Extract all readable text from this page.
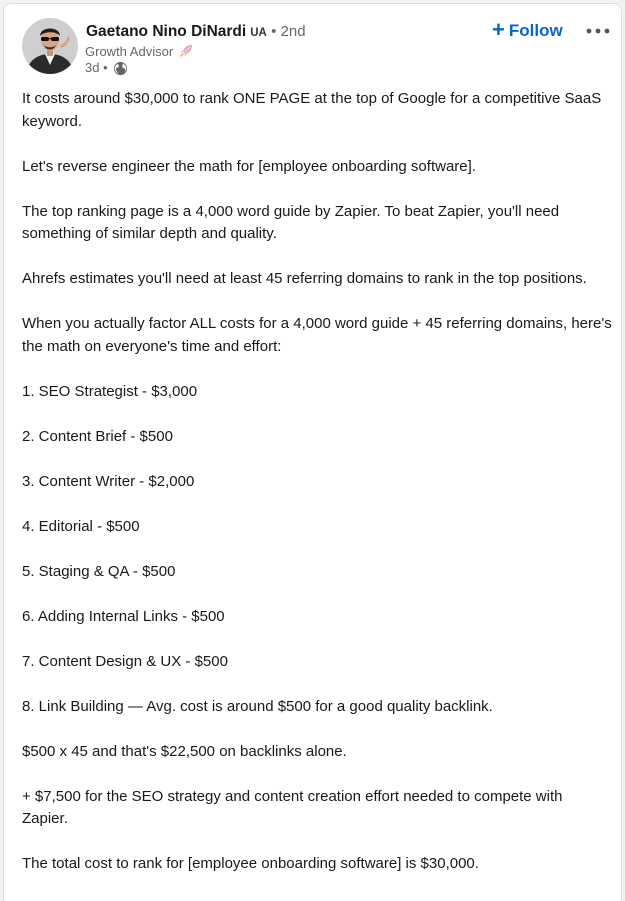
Gaetano Nino DiNardi UA • 2nd
Growth Advisor
3d •
+ Follow

It costs around $30,000 to rank ONE PAGE at the top of Google for a competitive SaaS keyword.

Let's reverse engineer the math for [employee onboarding software].

The top ranking page is a 4,000 word guide by Zapier. To beat Zapier, you'll need something of similar depth and quality.

Ahrefs estimates you'll need at least 45 referring domains to rank in the top positions.

When you actually factor ALL costs for a 4,000 word guide + 45 referring domains, here's the math on everyone's time and effort:

1. SEO Strategist - $3,000

2. Content Brief - $500

3. Content Writer - $2,000

4. Editorial - $500

5. Staging & QA - $500

6. Adding Internal Links - $500

7. Content Design & UX - $500

8. Link Building — Avg. cost is around $500 for a good quality backlink.

$500 x 45 and that's $22,500 on backlinks alone.

+ $7,500 for the SEO strategy and content creation effort needed to compete with Zapier.

The total cost to rank for [employee onboarding software] is $30,000.
